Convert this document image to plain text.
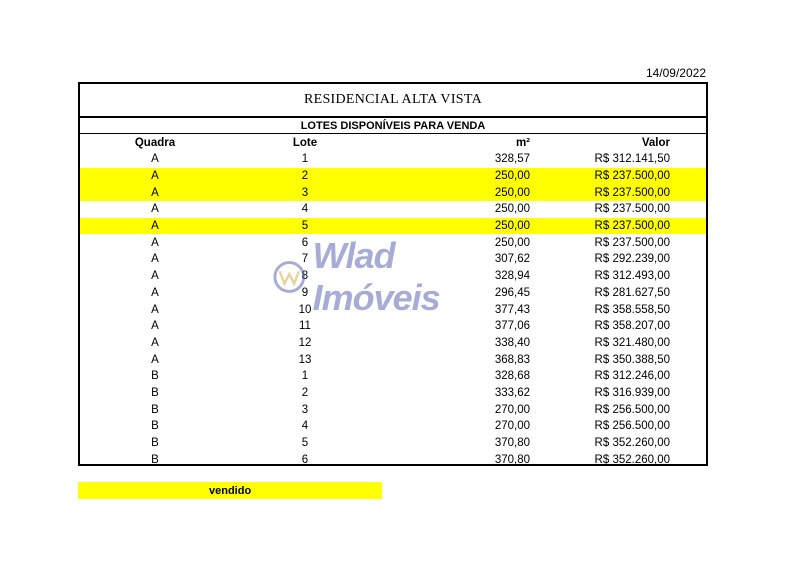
14/09/2022
RESIDENCIAL ALTA VISTA
LOTES DISPONÍVEIS PARA VENDA
Quadra	Lote	m²	Valor
A	1	328,57	R$ 312.141,50
A	2	250,00	R$ 237.500,00
A	3	250,00	R$ 237.500,00
A	4	250,00	R$ 237.500,00
A	5	250,00	R$ 237.500,00
A	6	250,00	R$ 237.500,00
A	7	307,62	R$ 292.239,00
A	8	328,94	R$ 312.493,00
A	9	296,45	R$ 281.627,50
A	10	377,43	R$ 358.558,50
A	11	377,06	R$ 358.207,00
A	12	338,40	R$ 321.480,00
A	13	368,83	R$ 350.388,50
B	1	328,68	R$ 312.246,00
B	2	333,62	R$ 316.939,00
B	3	270,00	R$ 256.500,00
B	4	270,00	R$ 256.500,00
B	5	370,80	R$ 352.260,00
B	6	370,80	R$ 352.260,00
vendido
Wlad Imóveis
